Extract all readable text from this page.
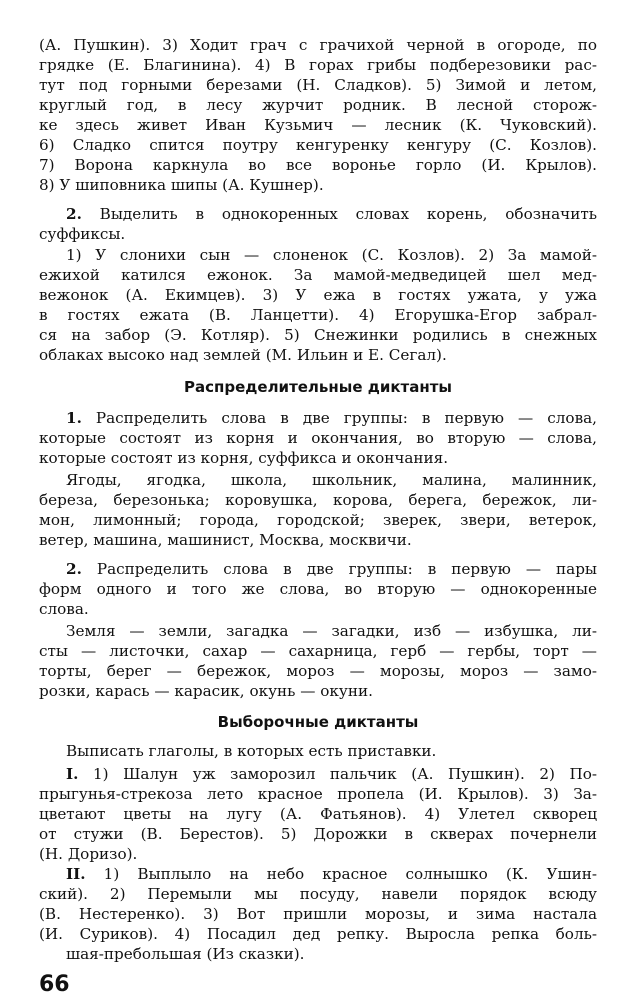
(А. Пушкин). 3) Ходит грач с грачихой черной в огороде, по
грядке (Е. Благинина). 4) В горах грибы подберезовики рас-
тут под горными березами (Н. Сладков). 5) Зимой и летом,
круглый год, в лесу журчит родник. В лесной сторож-
ке здесь живет Иван Кузьмич — лесник (К. Чуковский).
6) Сладко спится поутру кенгуренку кенгуру (С. Козлов).
7) Ворона каркнула во все воронье горло (И. Крылов).
8) У шиповника шипы (А. Кушнер).
2. Выделить в однокоренных словах корень, обозначить
суффиксы.
1) У слонихи сын — слоненок (С. Козлов). 2) За мамой-
ежихой катился ежонок. За мамой-медведицей шел мед-
вежонок (А. Екимцев). 3) У ежа в гостях ужата, у ужа
в гостях ежата (В. Ланцетти). 4) Егорушка-Егор забрал-
ся на забор (Э. Котляр). 5) Снежинки родились в снежных
облаках высоко над землей (М. Ильин и Е. Сегал).
Распределительные диктанты
1. Распределить слова в две группы: в первую — слова,
которые состоят из корня и окончания, во вторую — слова,
которые состоят из корня, суффикса и окончания.
Ягоды, ягодка, школа, школьник, малина, малинник,
береза, березонька; коровушка, корова, берега, бережок, ли-
мон, лимонный; города, городской; зверек, звери, ветерок,
ветер, машина, машинист, Москва, москвичи.
2. Распределить слова в две группы: в первую — пары
форм одного и того же слова, во вторую — однокоренные
слова.
Земля — земли, загадка — загадки, изб — избушка, ли-
сты — листочки, сахар — сахарница, герб — гербы, торт —
торты, берег — бережок, мороз — морозы, мороз — замо-
розки, карась — карасик, окунь — окуни.
Выборочные диктанты
Выписать глаголы, в которых есть приставки.
I. 1) Шалун уж заморозил пальчик (А. Пушкин). 2) По-
прыгунья-стрекоза лето красное пропела (И. Крылов). 3) За-
цветают цветы на лугу (А. Фатьянов). 4) Улетел скворец
от стужи (В. Берестов). 5) Дорожки в скверах почернели
(Н. Доризо).
II. 1) Выплыло на небо красное солнышко (К. Ушин-
ский). 2) Перемыли мы посуду, навели порядок всюду
(В. Нестеренко). 3) Вот пришли морозы, и зима настала
(И. Суриков). 4) Посадил дед репку. Выросла репка боль-
шая-пребольшая (Из сказки).
66
